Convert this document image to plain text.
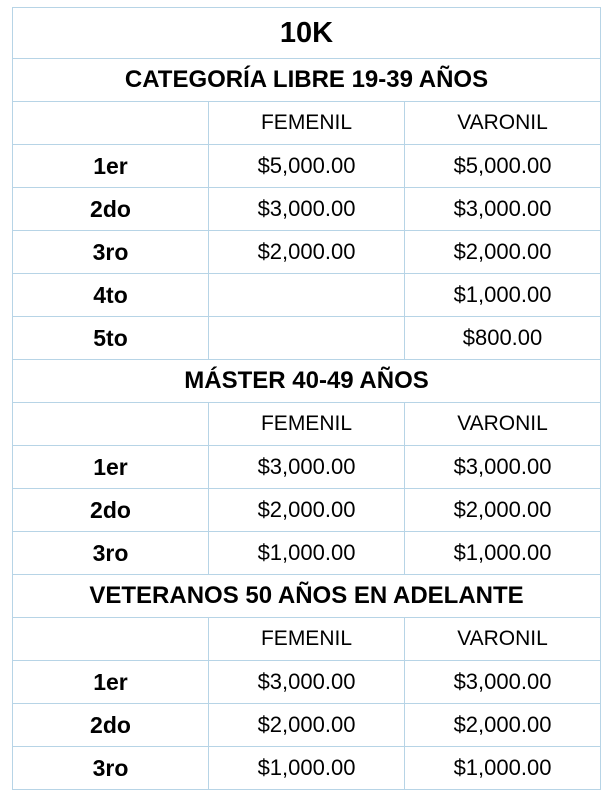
10K		
CATEGORÍA LIBRE 19-39 AÑOS		
	FEMENIL	VARONIL
1er	$5,000.00	$5,000.00
2do	$3,000.00	$3,000.00
3ro	$2,000.00	$2,000.00
4to		$1,000.00
5to		$800.00
MÁSTER 40-49 AÑOS		
	FEMENIL	VARONIL
1er	$3,000.00	$3,000.00
2do	$2,000.00	$2,000.00
3ro	$1,000.00	$1,000.00
VETERANOS 50 AÑOS EN ADELANTE		
	FEMENIL	VARONIL
1er	$3,000.00	$3,000.00
2do	$2,000.00	$2,000.00
3ro	$1,000.00	$1,000.00
